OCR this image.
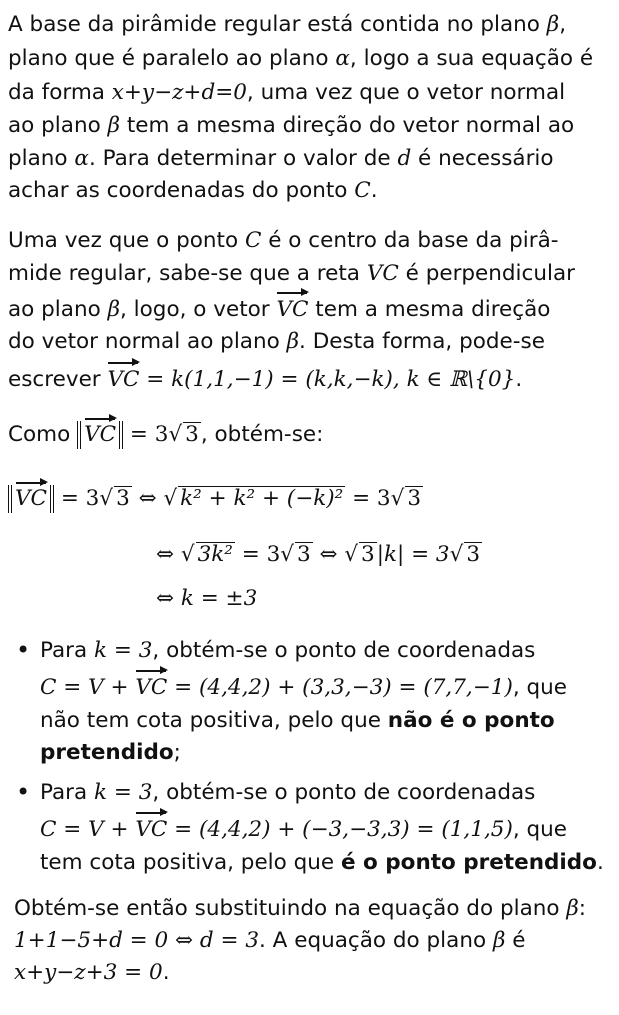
A base da pirâmide regular está contida no plano β,
plano que é paralelo ao plano α, logo a sua equação é
da forma x+y−z+d=0, uma vez que o vetor normal
ao plano β tem a mesma direção do vetor normal ao
plano α. Para determinar o valor de d é necessário
achar as coordenadas do ponto C.
Uma vez que o ponto C é o centro da base da pirâ-
mide regular, sabe-se que a reta VC é perpendicular
ao plano β, logo, o vetor VC tem a mesma direção
do vetor normal ao plano β. Desta forma, pode-se
escrever VC = k(1,1,−1) = (k,k,−k), k ∈ ℝ\{0}.
Como VC = 3√ 3, obtém-se:
VC = 3√ 3 ⇔ √ k² + k² + (−k)² = 3√ 3
⇔ √ 3k² = 3√ 3 ⇔ √ 3|k| = 3√ 3
⇔ k = ±3
• Para k = 3, obtém-se o ponto de coordenadas
C = V + VC = (4,4,2) + (3,3,−3) = (7,7,−1), que
não tem cota positiva, pelo que não é o ponto
pretendido;
• Para k = 3, obtém-se o ponto de coordenadas
C = V + VC = (4,4,2) + (−3,−3,3) = (1,1,5), que
tem cota positiva, pelo que é o ponto pretendido.
Obtém-se então substituindo na equação do plano β:
1+1−5+d = 0 ⇔ d = 3. A equação do plano β é
x+y−z+3 = 0.
